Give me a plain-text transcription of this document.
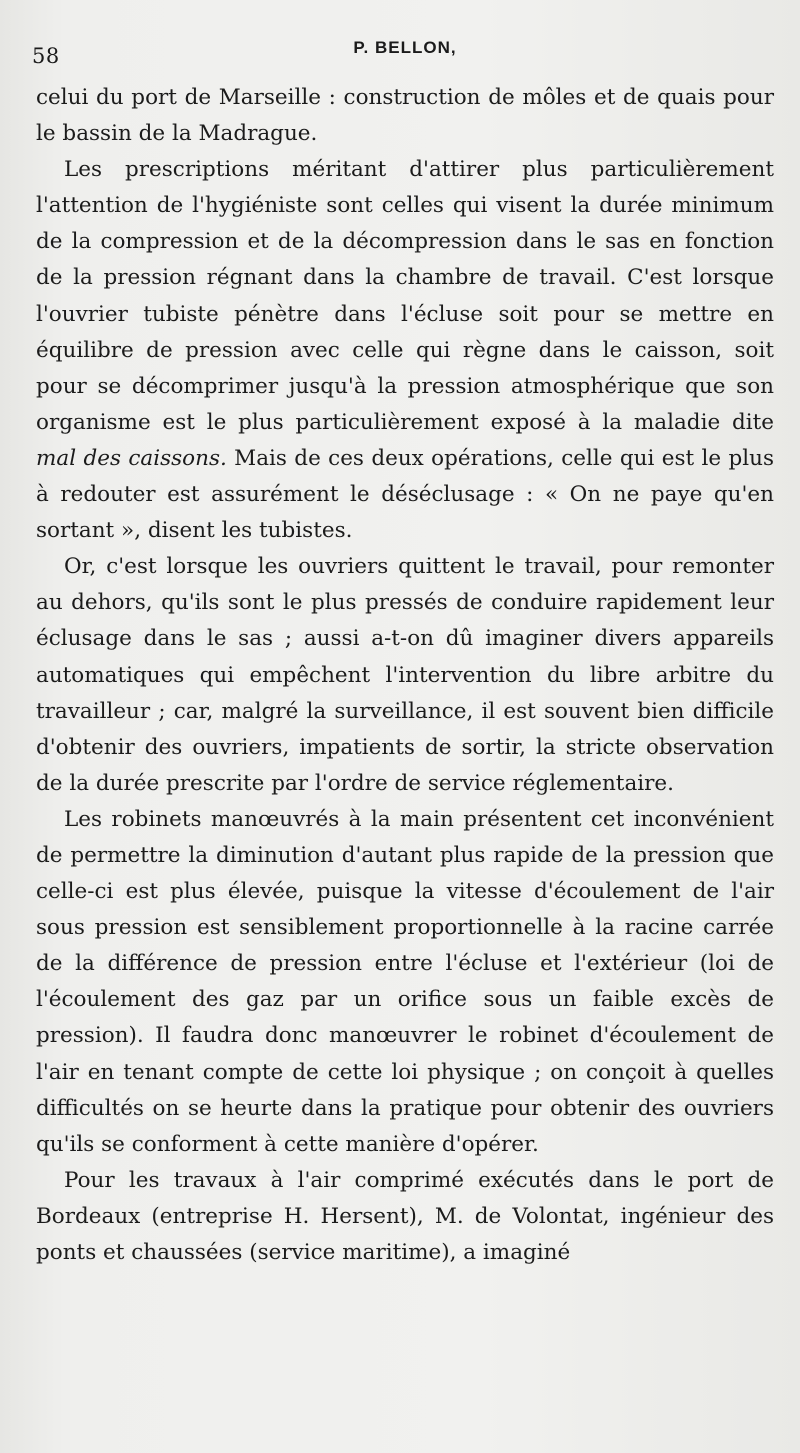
58	P. BELLON,

celui du port de Marseille : construction de môles et de quais pour le bassin de la Madrague.

Les prescriptions méritant d'attirer plus particulièrement l'attention de l'hygiéniste sont celles qui visent la durée minimum de la compression et de la décompression dans le sas en fonction de la pression régnant dans la chambre de travail. C'est lorsque l'ouvrier tubiste pénètre dans l'écluse soit pour se mettre en équilibre de pression avec celle qui règne dans le caisson, soit pour se décomprimer jusqu'à la pression atmosphérique que son organisme est le plus particulièrement exposé à la maladie dite mal des caissons. Mais de ces deux opérations, celle qui est le plus à redouter est assurément le déséclusage : « On ne paye qu'en sortant », disent les tubistes.

Or, c'est lorsque les ouvriers quittent le travail, pour remonter au dehors, qu'ils sont le plus pressés de conduire rapidement leur éclusage dans le sas ; aussi a-t-on dû imaginer divers appareils automatiques qui empêchent l'intervention du libre arbitre du travailleur ; car, malgré la surveillance, il est souvent bien difficile d'obtenir des ouvriers, impatients de sortir, la stricte observation de la durée prescrite par l'ordre de service réglementaire.

Les robinets manœuvrés à la main présentent cet inconvénient de permettre la diminution d'autant plus rapide de la pression que celle-ci est plus élevée, puisque la vitesse d'écoulement de l'air sous pression est sensiblement proportionnelle à la racine carrée de la différence de pression entre l'écluse et l'extérieur (loi de l'écoulement des gaz par un orifice sous un faible excès de pression). Il faudra donc manœuvrer le robinet d'écoulement de l'air en tenant compte de cette loi physique ; on conçoit à quelles difficultés on se heurte dans la pratique pour obtenir des ouvriers qu'ils se conforment à cette manière d'opérer.

Pour les travaux à l'air comprimé exécutés dans le port de Bordeaux (entreprise H. Hersent), M. de Volontat, ingénieur des ponts et chaussées (service maritime), a imaginé
